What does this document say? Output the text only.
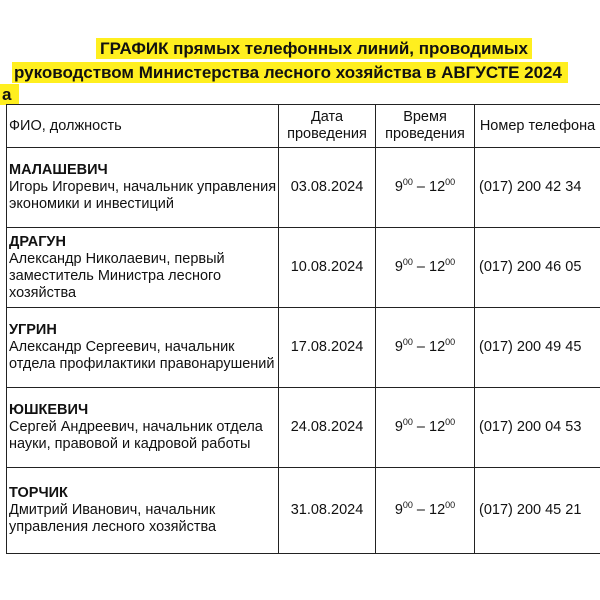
ГРАФИК прямых телефонных линий, проводимых
руководством Министерства лесного хозяйства в АВГУСТЕ 2024
а
ФИО, должность	Дата проведения	Время проведения	Номер телефона

МАЛАШЕВИЧ
Игорь Игоревич, начальник управления экономики и инвестиций	03.08.2024	$9^{00} - 12^{00}$	(017) 200 42 34

ДРАГУН
Александр Николаевич, первый заместитель Министра лесного хозяйства	10.08.2024	$9^{00} - 12^{00}$	(017) 200 46 05

УГРИН
Александр Сергеевич, начальник отдела профилактики правонарушений	17.08.2024	$9^{00} - 12^{00}$	(017) 200 49 45

ЮШКЕВИЧ
Сергей Андреевич, начальник отдела науки, правовой и кадровой работы	24.08.2024	$9^{00} - 12^{00}$	(017) 200 04 53

ТОРЧИК
Дмитрий Иванович, начальник управления лесного хозяйства	31.08.2024	$9^{00} - 12^{00}$	(017) 200 45 21
